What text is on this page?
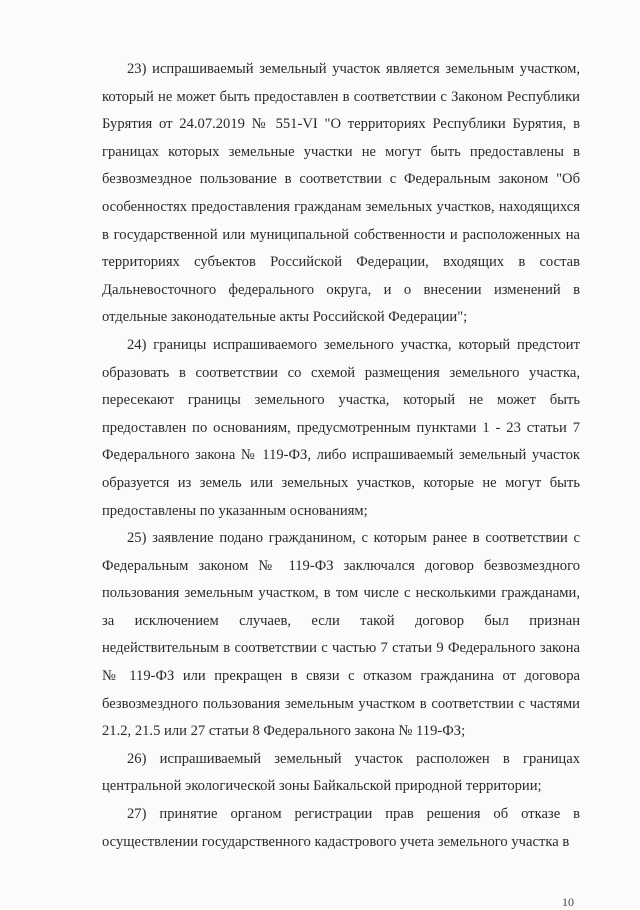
23) испрашиваемый земельный участок является земельным участком, который не может быть предоставлен в соответствии с Законом Республики Бурятия от 24.07.2019 № 551-VI "О территориях Республики Бурятия, в границах которых земельные участки не могут быть предоставлены в безвозмездное пользование в соответствии с Федеральным законом "Об особенностях предоставления гражданам земельных участков, находящихся в государственной или муниципальной собственности и расположенных на территориях субъектов Российской Федерации, входящих в состав Дальневосточного федерального округа, и о внесении изменений в отдельные законодательные акты Российской Федерации";

24) границы испрашиваемого земельного участка, который предстоит образовать в соответствии со схемой размещения земельного участка, пересекают границы земельного участка, который не может быть предоставлен по основаниям, предусмотренным пунктами 1 - 23 статьи 7 Федерального закона № 119-ФЗ, либо испрашиваемый земельный участок образуется из земель или земельных участков, которые не могут быть предоставлены по указанным основаниям;

25) заявление подано гражданином, с которым ранее в соответствии с Федеральным законом № 119-ФЗ заключался договор безвозмездного пользования земельным участком, в том числе с несколькими гражданами, за исключением случаев, если такой договор был признан недействительным в соответствии с частью 7 статьи 9 Федерального закона № 119-ФЗ или прекращен в связи с отказом гражданина от договора безвозмездного пользования земельным участком в соответствии с частями 21.2, 21.5 или 27 статьи 8 Федерального закона № 119-ФЗ;

26) испрашиваемый земельный участок расположен в границах центральной экологической зоны Байкальской природной территории;

27) принятие органом регистрации прав решения об отказе в осуществлении государственного кадастрового учета земельного участка в

10
